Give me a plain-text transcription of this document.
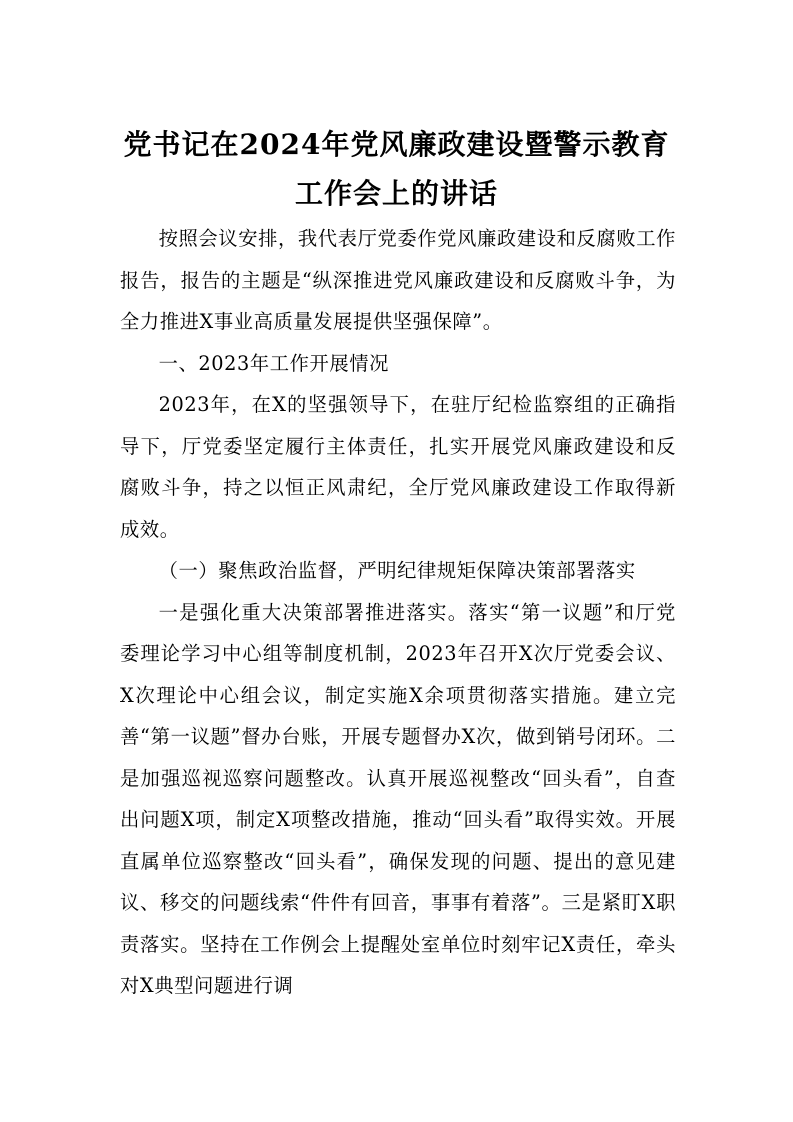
党书记在2024年党风廉政建设暨警示教育
工作会上的讲话

按照会议安排，我代表厅党委作党风廉政建设和反腐败工作报告，报告的主题是“纵深推进党风廉政建设和反腐败斗争，为全力推进X事业高质量发展提供坚强保障”。

一、2023年工作开展情况

2023年，在X的坚强领导下，在驻厅纪检监察组的正确指导下，厅党委坚定履行主体责任，扎实开展党风廉政建设和反腐败斗争，持之以恒正风肃纪，全厅党风廉政建设工作取得新成效。

（一）聚焦政治监督，严明纪律规矩保障决策部署落实

一是强化重大决策部署推进落实。落实“第一议题”和厅党委理论学习中心组等制度机制，2023年召开X次厅党委会议、X次理论中心组会议，制定实施X余项贯彻落实措施。建立完善“第一议题”督办台账，开展专题督办X次，做到销号闭环。二是加强巡视巡察问题整改。认真开展巡视整改“回头看”，自查出问题X项，制定X项整改措施，推动“回头看”取得实效。开展直属单位巡察整改“回头看”，确保发现的问题、提出的意见建议、移交的问题线索“件件有回音，事事有着落”。三是紧盯X职责落实。坚持在工作例会上提醒处室单位时刻牢记X责任，牵头对X典型问题进行调
